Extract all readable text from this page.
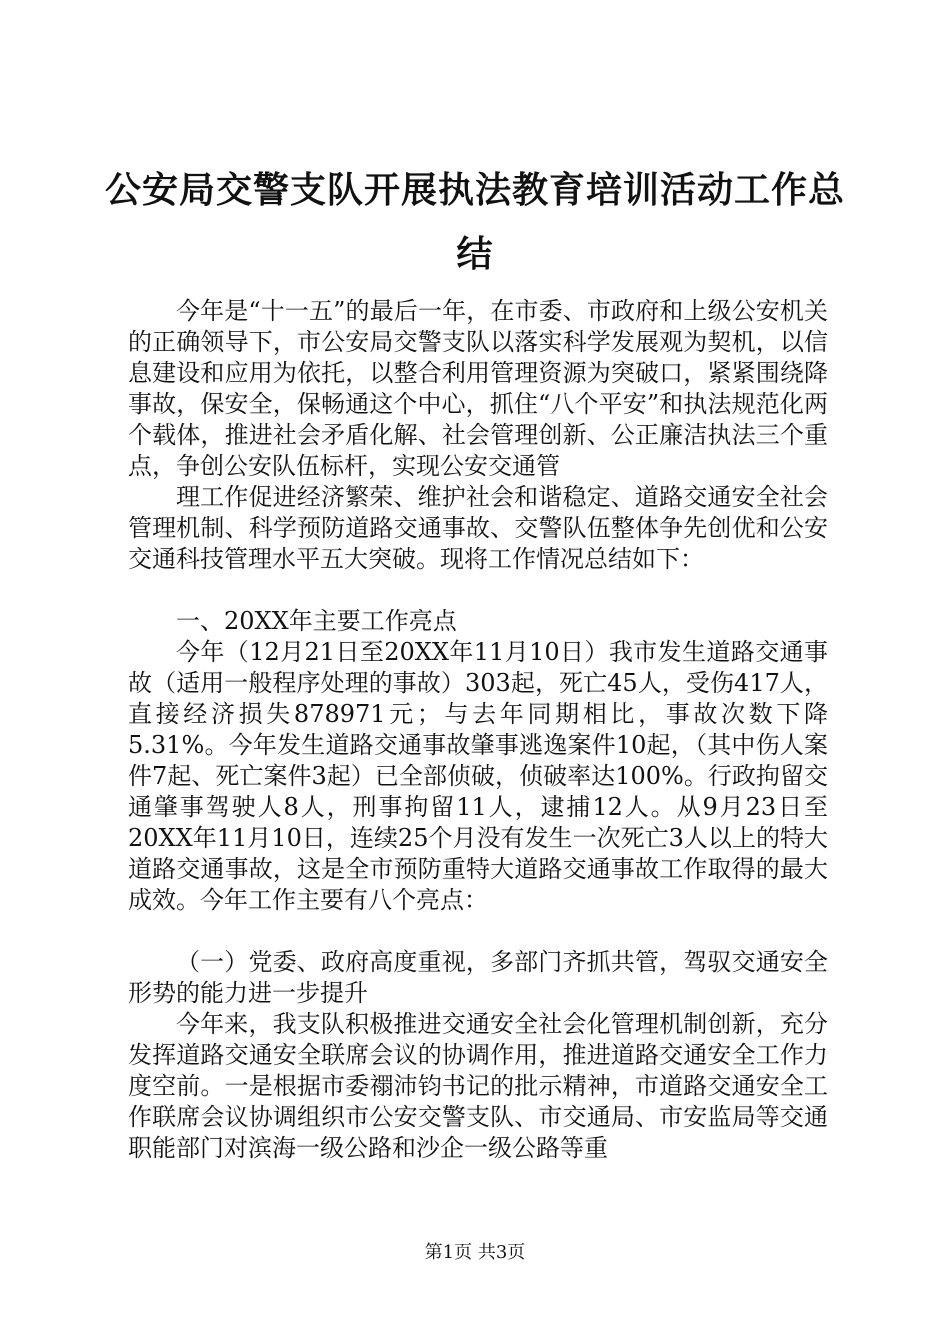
公安局交警支队开展执法教育培训活动工作总
结

今年是“十一五”的最后一年，在市委、市政府和上级公安机关的正确领导下，市公安局交警支队以落实科学发展观为契机，以信息建设和应用为依托，以整合利用管理资源为突破口，紧紧围绕降事故，保安全，保畅通这个中心，抓住“八个平安”和执法规范化两个载体，推进社会矛盾化解、社会管理创新、公正廉洁执法三个重点，争创公安队伍标杆，实现公安交通管

理工作促进经济繁荣、维护社会和谐稳定、道路交通安全社会管理机制、科学预防道路交通事故、交警队伍整体争先创优和公安交通科技管理水平五大突破。现将工作情况总结如下：

一、20XX年主要工作亮点

今年（12月21日至20XX年11月10日）我市发生道路交通事故（适用一般程序处理的事故）303起，死亡45人，受伤417人，直接经济损失878971元；与去年同期相比，事故次数下降5.31%。今年发生道路交通事故肇事逃逸案件10起，（其中伤人案件7起、死亡案件3起）已全部侦破，侦破率达100%。行政拘留交通肇事驾驶人8人，刑事拘留11人，逮捕12人。从9月23日至20XX年11月10日，连续25个月没有发生一次死亡3人以上的特大道路交通事故，这是全市预防重特大道路交通事故工作取得的最大成效。今年工作主要有八个亮点：

（一）党委、政府高度重视，多部门齐抓共管，驾驭交通安全形势的能力进一步提升

今年来，我支队积极推进交通安全社会化管理机制创新，充分发挥道路交通安全联席会议的协调作用，推进道路交通安全工作力度空前。一是根据市委禤沛钧书记的批示精神，市道路交通安全工作联席会议协调组织市公安交警支队、市交通局、市安监局等交通职能部门对滨海一级公路和沙企一级公路等重

第1页 共3页
